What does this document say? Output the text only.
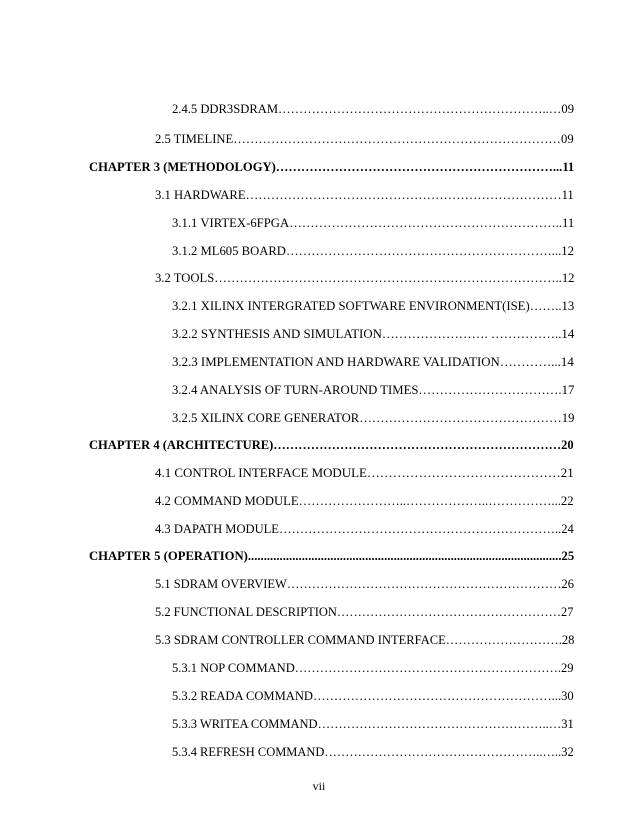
2.4.5 DDR3SDRAM………………………………………………………..…09
2.5 TIMELINE……………………………………………………………………09
CHAPTER 3 (METHODOLOGY)…………………………………………………………...11
3.1 HARDWARE…………………………………………………………………11
3.1.1 VIRTEX-6FPGA………………………………………………………..11
3.1.2 ML605 BOARD………………………………………………………...12
3.2 TOOLS………………………………………………………………………..12
3.2.1 XILINX INTERGRATED SOFTWARE ENVIRONMENT(ISE)……..13
3.2.2 SYNTHESIS AND SIMULATION……………………. ……………..14
3.2.3 IMPLEMENTATION AND HARDWARE VALIDATION…………...14
3.2.4 ANALYSIS OF TURN-AROUND TIMES…………………………….17
3.2.5 XILINX CORE GENERATOR…………………………………………19
CHAPTER 4 (ARCHITECTURE)……………………………………………………………20
4.1 CONTROL INTERFACE MODULE………………………………………21
4.2 COMMAND MODULE……………………..………………..……………...22
4.3 DAPATH MODULE…………………………………………………………..24
CHAPTER 5 (OPERATION)...................................................................................................25
5.1 SDRAM OVERVIEW…………………………………………………………26
5.2 FUNCTIONAL DESCRIPTION………………………………………………27
5.3 SDRAM CONTROLLER COMMAND INTERFACE……………………….28
5.3.1 NOP COMMAND……………………………………………………….29
5.3.2 READA COMMAND…………………………………………………...30
5.3.3 WRITEA COMMAND………………………………………………..…31
5.3.4 REFRESH COMMAND……………………………………………..…..32
vii
